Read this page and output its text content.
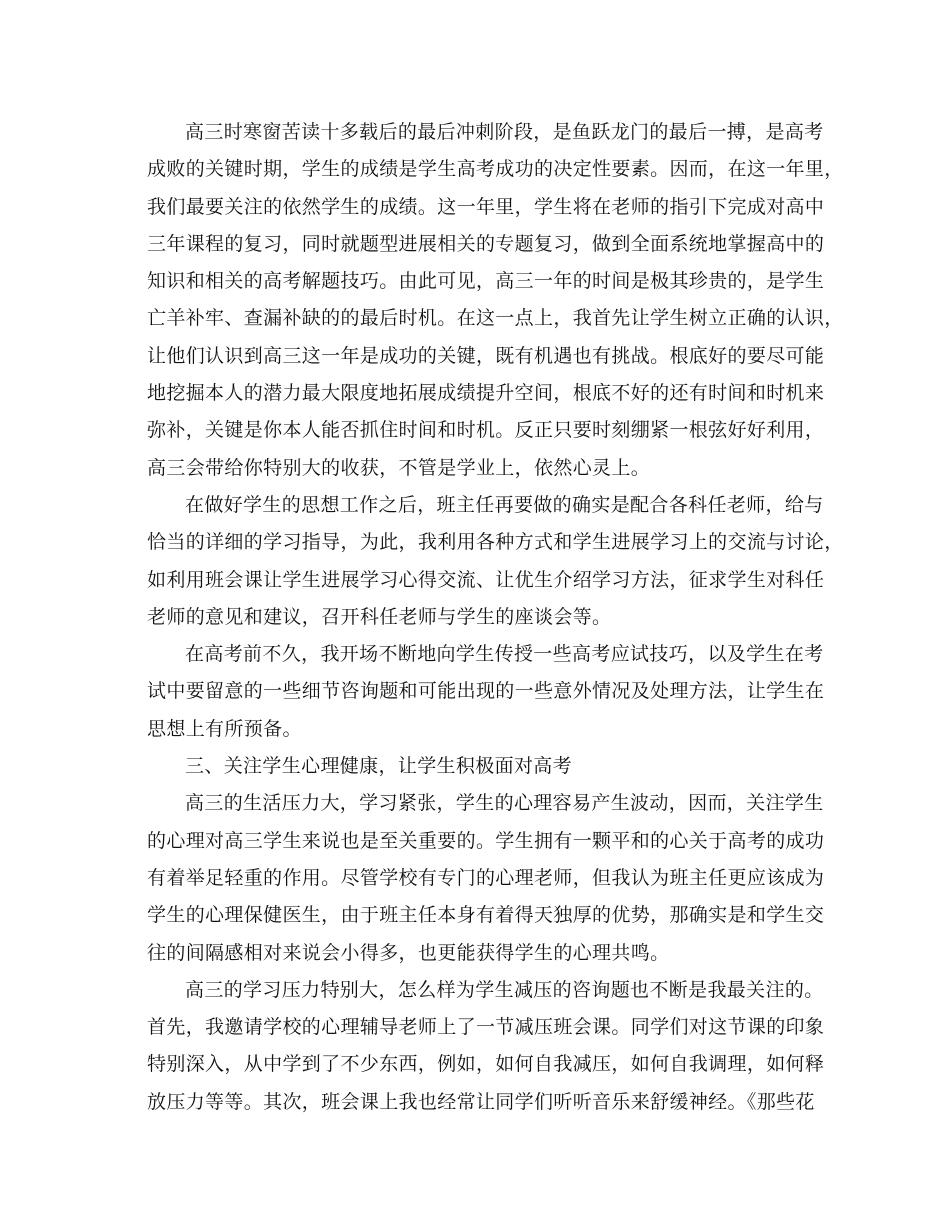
高三时寒窗苦读十多载后的最后冲刺阶段，是鱼跃龙门的最后一搏，是高考
成败的关键时期，学生的成绩是学生高考成功的决定性要素。因而，在这一年里，
我们最要关注的依然学生的成绩。这一年里，学生将在老师的指引下完成对高中
三年课程的复习，同时就题型进展相关的专题复习，做到全面系统地掌握高中的
知识和相关的高考解题技巧。由此可见，高三一年的时间是极其珍贵的，是学生
亡羊补牢、查漏补缺的的最后时机。在这一点上，我首先让学生树立正确的认识，
让他们认识到高三这一年是成功的关键，既有机遇也有挑战。根底好的要尽可能
地挖掘本人的潜力最大限度地拓展成绩提升空间，根底不好的还有时间和时机来
弥补，关键是你本人能否抓住时间和时机。反正只要时刻绷紧一根弦好好利用，
高三会带给你特别大的收获，不管是学业上，依然心灵上。
在做好学生的思想工作之后，班主任再要做的确实是配合各科任老师，给与
恰当的详细的学习指导，为此，我利用各种方式和学生进展学习上的交流与讨论，
如利用班会课让学生进展学习心得交流、让优生介绍学习方法，征求学生对科任
老师的意见和建议，召开科任老师与学生的座谈会等。
在高考前不久，我开场不断地向学生传授一些高考应试技巧，以及学生在考
试中要留意的一些细节咨询题和可能出现的一些意外情况及处理方法，让学生在
思想上有所预备。
三、关注学生心理健康，让学生积极面对高考
高三的生活压力大，学习紧张，学生的心理容易产生波动，因而，关注学生
的心理对高三学生来说也是至关重要的。学生拥有一颗平和的心关于高考的成功
有着举足轻重的作用。尽管学校有专门的心理老师，但我认为班主任更应该成为
学生的心理保健医生，由于班主任本身有着得天独厚的优势，那确实是和学生交
往的间隔感相对来说会小得多，也更能获得学生的心理共鸣。
高三的学习压力特别大，怎么样为学生减压的咨询题也不断是我最关注的。
首先，我邀请学校的心理辅导老师上了一节减压班会课。同学们对这节课的印象
特别深入，从中学到了不少东西，例如，如何自我减压，如何自我调理，如何释
放压力等等。其次，班会课上我也经常让同学们听听音乐来舒缓神经。《那些花
